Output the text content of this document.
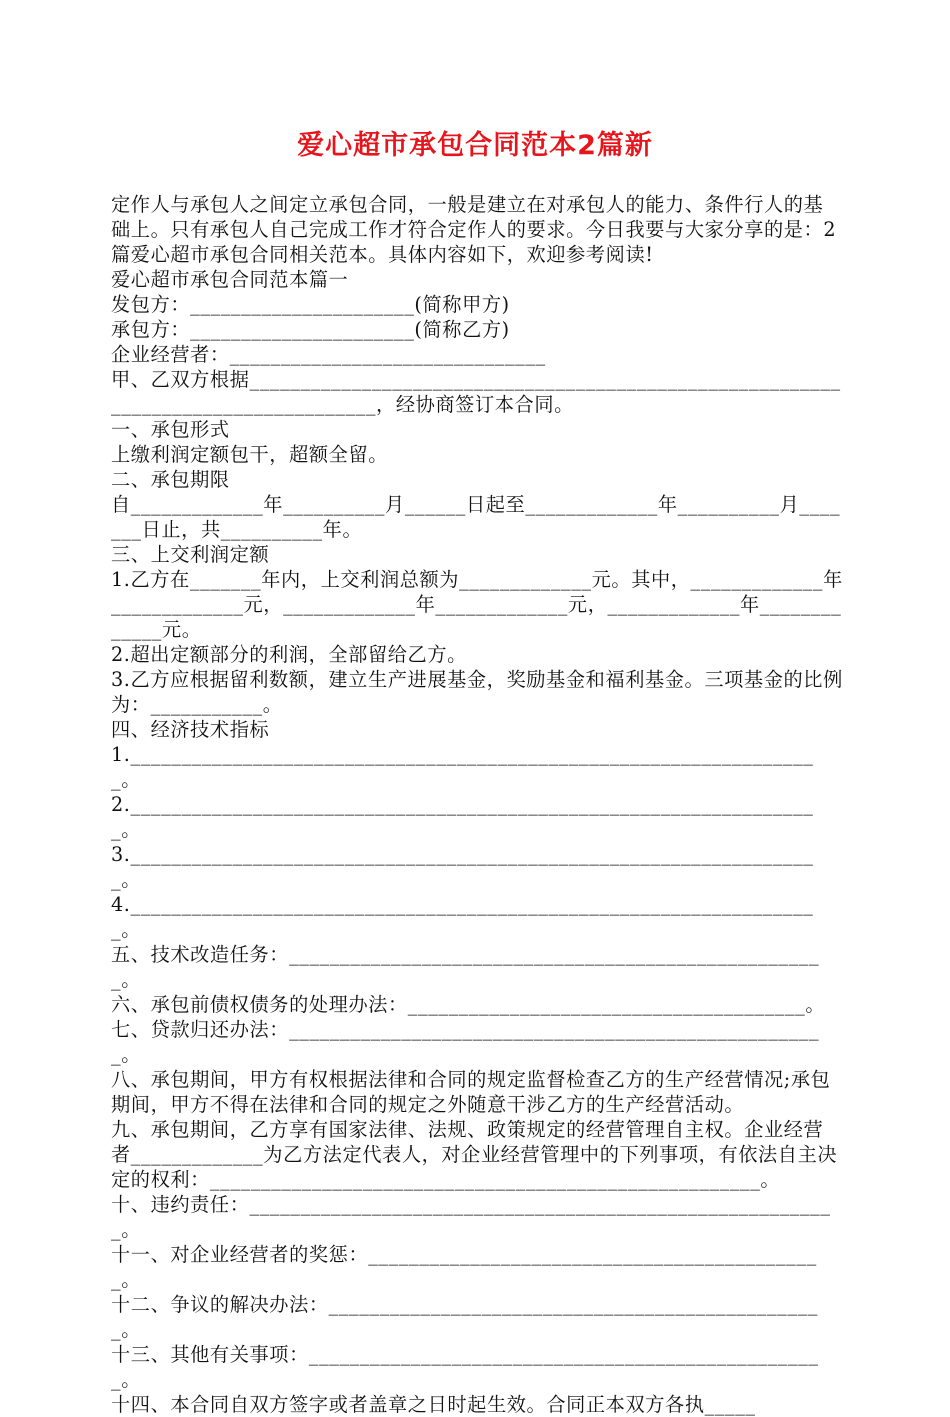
爱心超市承包合同范本2篇新

定作人与承包人之间定立承包合同，一般是建立在对承包人的能力、条件行人的基础上。只有承包人自己完成工作才符合定作人的要求。今日我要与大家分享的是：2篇爱心超市承包合同相关范本。具体内容如下，欢迎参考阅读!

爱心超市承包合同范本篇一

发包方：______________________(简称甲方)

承包方：______________________(简称乙方)

企业经营者：_______________________________

甲、乙双方根据____________________________________________________________________________________，经协商签订本合同。

一、承包形式

上缴利润定额包干，超额全留。

二、承包期限

自_____________年__________月______日起至_____________年__________月_______日止，共__________年。

三、上交利润定额

1.乙方在_______年内，上交利润总额为_____________元。其中，_____________年_____________元，_____________年_____________元，_____________年_____________元。

2.超出定额部分的利润，全部留给乙方。

3.乙方应根据留利数额，建立生产进展基金，奖励基金和福利基金。三项基金的比例为：___________。

四、经济技术指标

1.____________________________________________________________________。

2.____________________________________________________________________。

3.____________________________________________________________________。

4.____________________________________________________________________。

五、技术改造任务：_____________________________________________________。

六、承包前债权债务的处理办法：_______________________________________。

七、贷款归还办法：_____________________________________________________。

八、承包期间，甲方有权根据法律和合同的规定监督检查乙方的生产经营情况;承包期间，甲方不得在法律和合同的规定之外随意干涉乙方的生产经营活动。

九、承包期间，乙方享有国家法律、法规、政策规定的经营管理自主权。企业经营者_____________为乙方法定代表人，对企业经营管理中的下列事项，有依法自主决定的权利：______________________________________________________。

十、违约责任：__________________________________________________________。

十一、对企业经营者的奖惩：_____________________________________________。

十二、争议的解决办法：_________________________________________________。

十三、其他有关事项：___________________________________________________。

十四、本合同自双方签字或者盖章之日时起生效。合同正本双方各执_____
